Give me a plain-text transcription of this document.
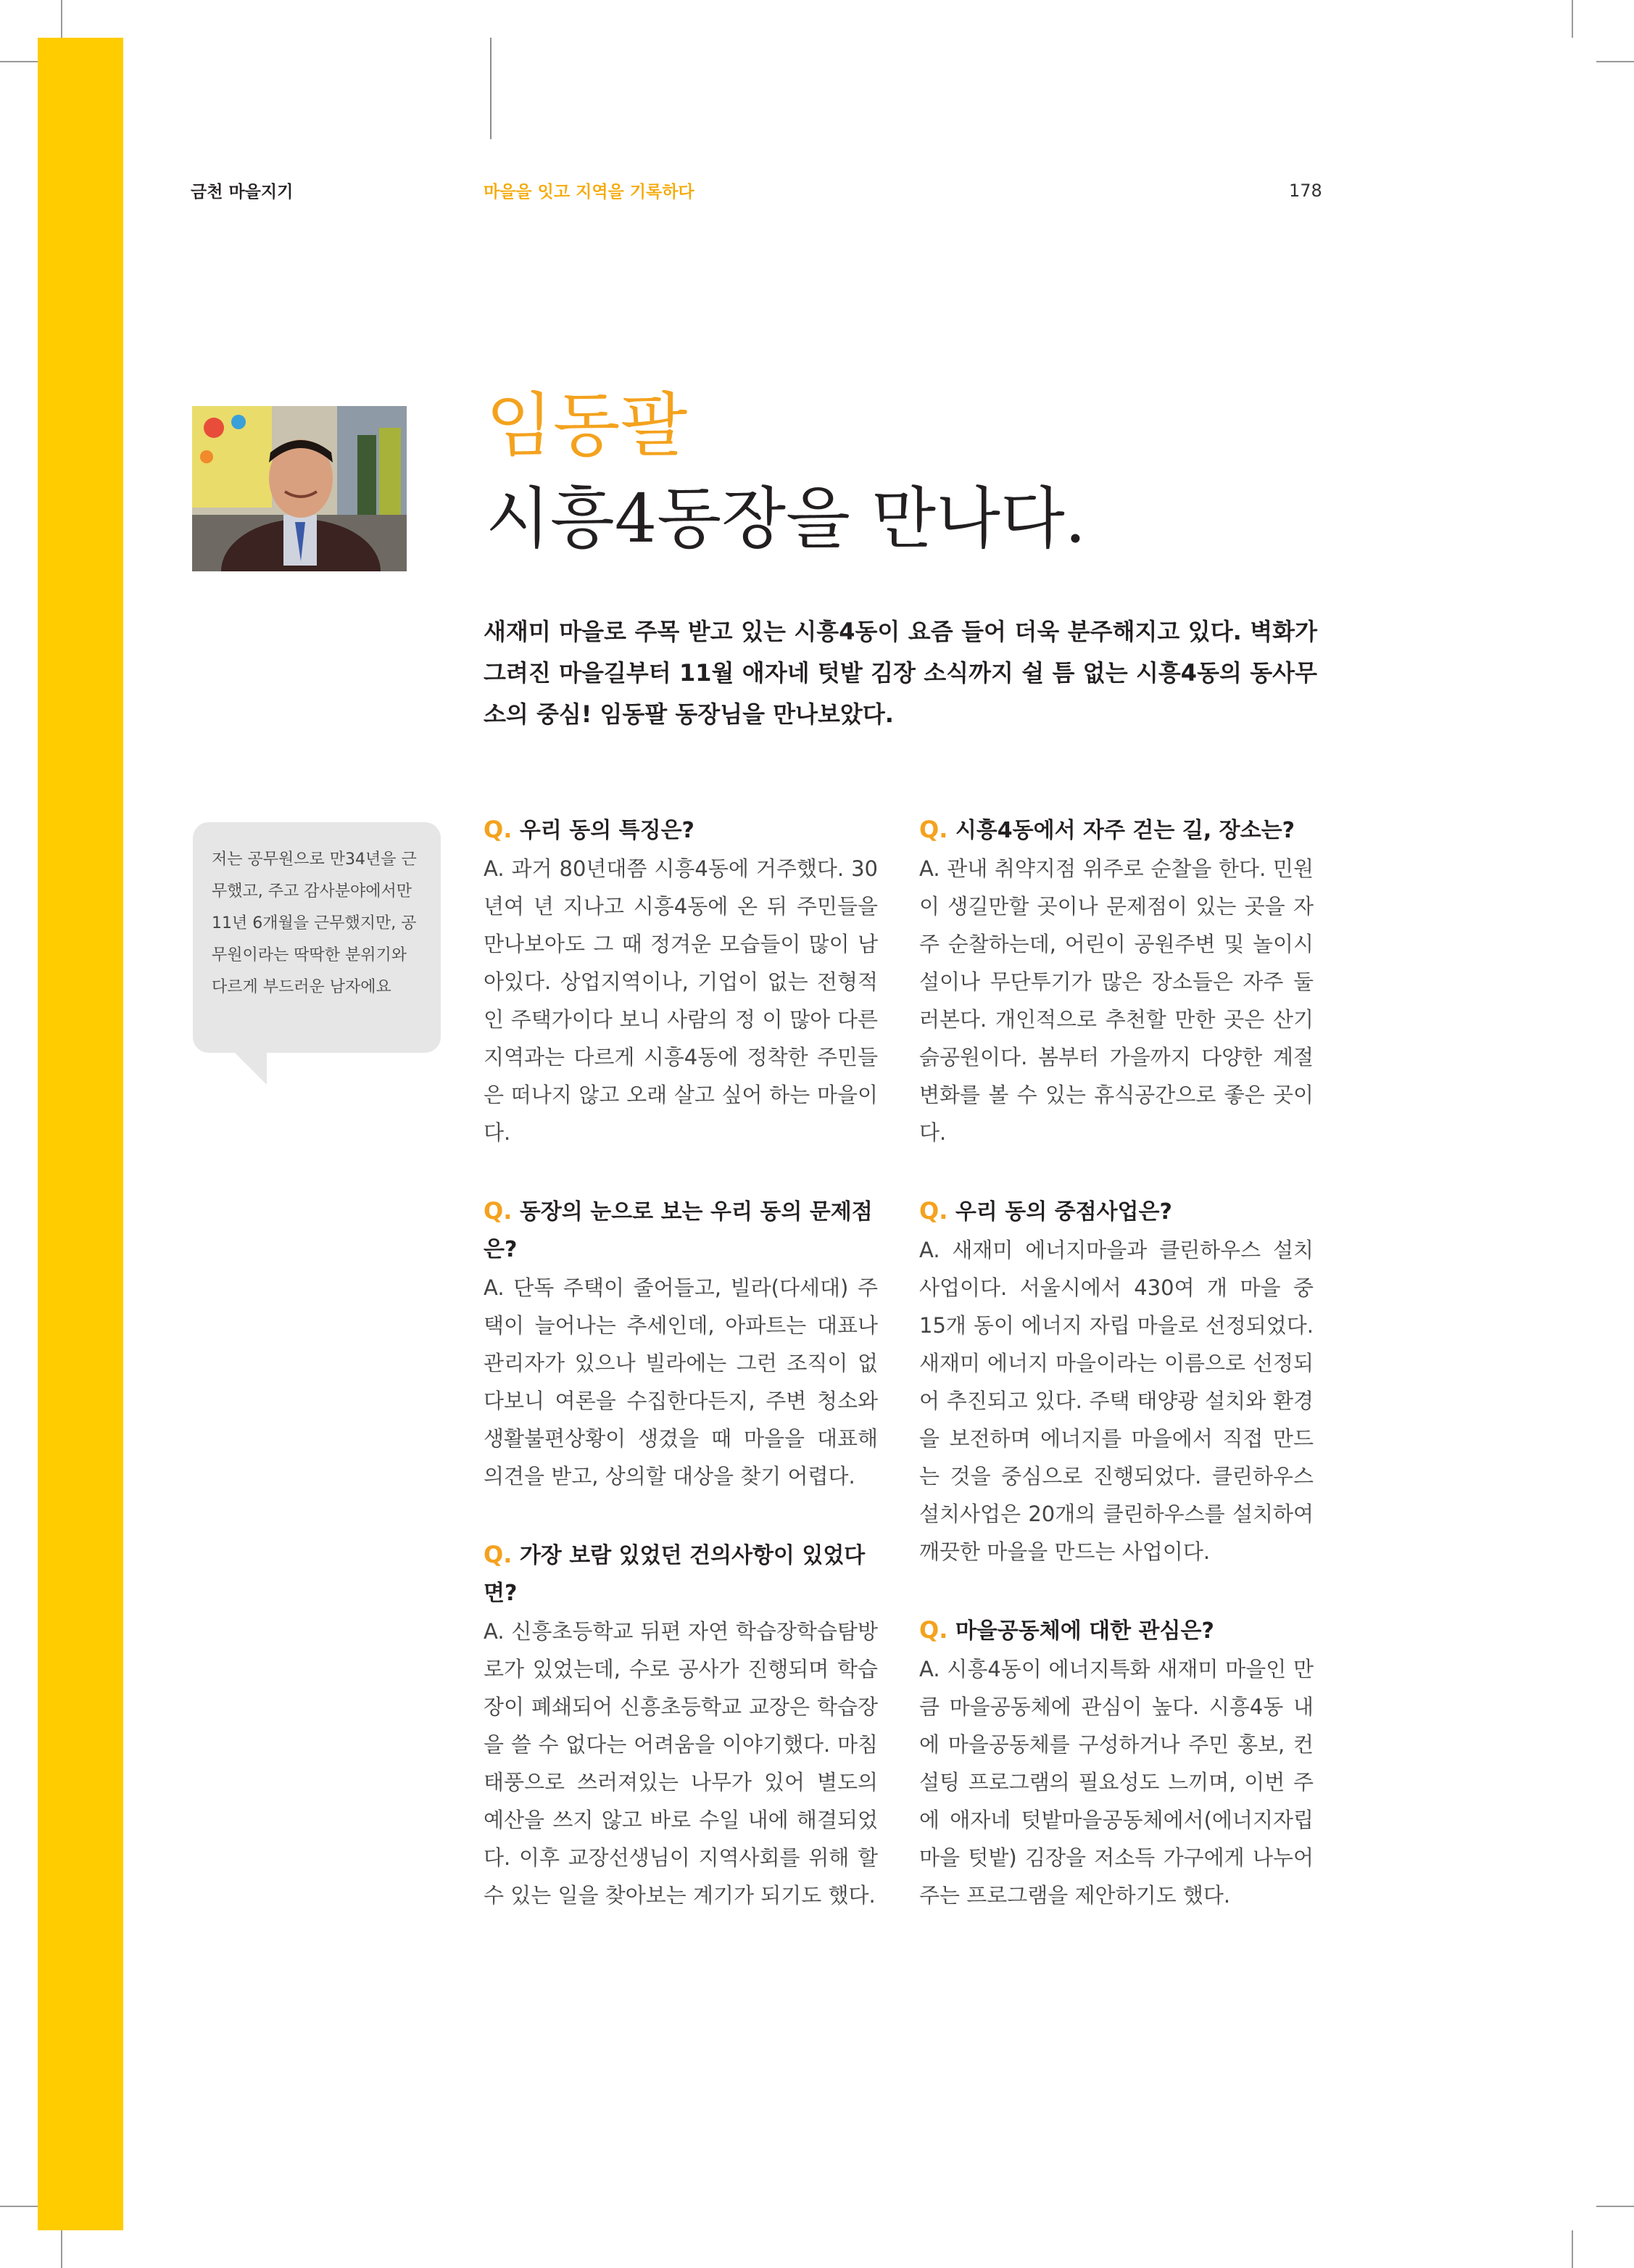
금천 마을지기	마을을 잇고 지역을 기록하다	178
임동팔
시흥4동장을 만나다.
새재미 마을로 주목 받고 있는 시흥4동이 요즘 들어 더욱 분주해지고 있다. 벽화가 그려진 마을길부터 11월 애자네 텃밭 김장 소식까지 쉴 틈 없는 시흥4동의 동사무소의 중심! 임동팔 동장님을 만나보았다.
저는 공무원으로 만34년을 근무했고, 주고 감사분야에서만 11년 6개월을 근무했지만, 공무원이라는 딱딱한 분위기와 다르게 부드러운 남자에요
Q. 우리 동의 특징은?
A. 과거 80년대쯤 시흥4동에 거주했다. 30년여 년 지나고 시흥4동에 온 뒤 주민들을 만나보아도 그 때 정겨운 모습들이 많이 남아있다. 상업지역이나, 기업이 없는 전형적인 주택가이다 보니 사람의 정 이 많아 다른 지역과는 다르게 시흥4동에 정착한 주민들은 떠나지 않고 오래 살고 싶어 하는 마을이다.
Q. 동장의 눈으로 보는 우리 동의 문제점은?
A. 단독 주택이 줄어들고, 빌라(다세대) 주택이 늘어나는 추세인데, 아파트는 대표나 관리자가 있으나 빌라에는 그런 조직이 없다보니 여론을 수집한다든지, 주변 청소와 생활불편상황이 생겼을 때 마을을 대표해 의견을 받고, 상의할 대상을 찾기 어렵다.
Q. 가장 보람 있었던 건의사항이 있었다면?
A. 신흥초등학교 뒤편 자연 학습장학습탐방로가 있었는데, 수로 공사가 진행되며 학습장이 폐쇄되어 신흥초등학교 교장은 학습장을 쓸 수 없다는 어려움을 이야기했다. 마침 태풍으로 쓰러져있는 나무가 있어 별도의 예산을 쓰지 않고 바로 수일 내에 해결되었다. 이후 교장선생님이 지역사회를 위해 할 수 있는 일을 찾아보는 계기가 되기도 했다.
Q. 시흥4동에서 자주 걷는 길, 장소는?
A. 관내 취약지점 위주로 순찰을 한다. 민원이 생길만할 곳이나 문제점이 있는 곳을 자주 순찰하는데, 어린이 공원주변 및 놀이시설이나 무단투기가 많은 장소들은 자주 둘러본다. 개인적으로 추천할 만한 곳은 산기슭공원이다. 봄부터 가을까지 다양한 계절변화를 볼 수 있는 휴식공간으로 좋은 곳이다.
Q. 우리 동의 중점사업은?
A. 새재미 에너지마을과 클린하우스 설치 사업이다. 서울시에서 430여 개 마을 중 15개 동이 에너지 자립 마을로 선정되었다. 새재미 에너지 마을이라는 이름으로 선정되어 추진되고 있다. 주택 태양광 설치와 환경을 보전하며 에너지를 마을에서 직접 만드는 것을 중심으로 진행되었다. 클린하우스 설치사업은 20개의 클린하우스를 설치하여 깨끗한 마을을 만드는 사업이다.
Q. 마을공동체에 대한 관심은?
A. 시흥4동이 에너지특화 새재미 마을인 만큼 마을공동체에 관심이 높다. 시흥4동 내에 마을공동체를 구성하거나 주민 홍보, 컨설팅 프로그램의 필요성도 느끼며, 이번 주에 애자네 텃밭마을공동체에서(에너지자립마을 텃밭) 김장을 저소득 가구에게 나누어주는 프로그램을 제안하기도 했다.
